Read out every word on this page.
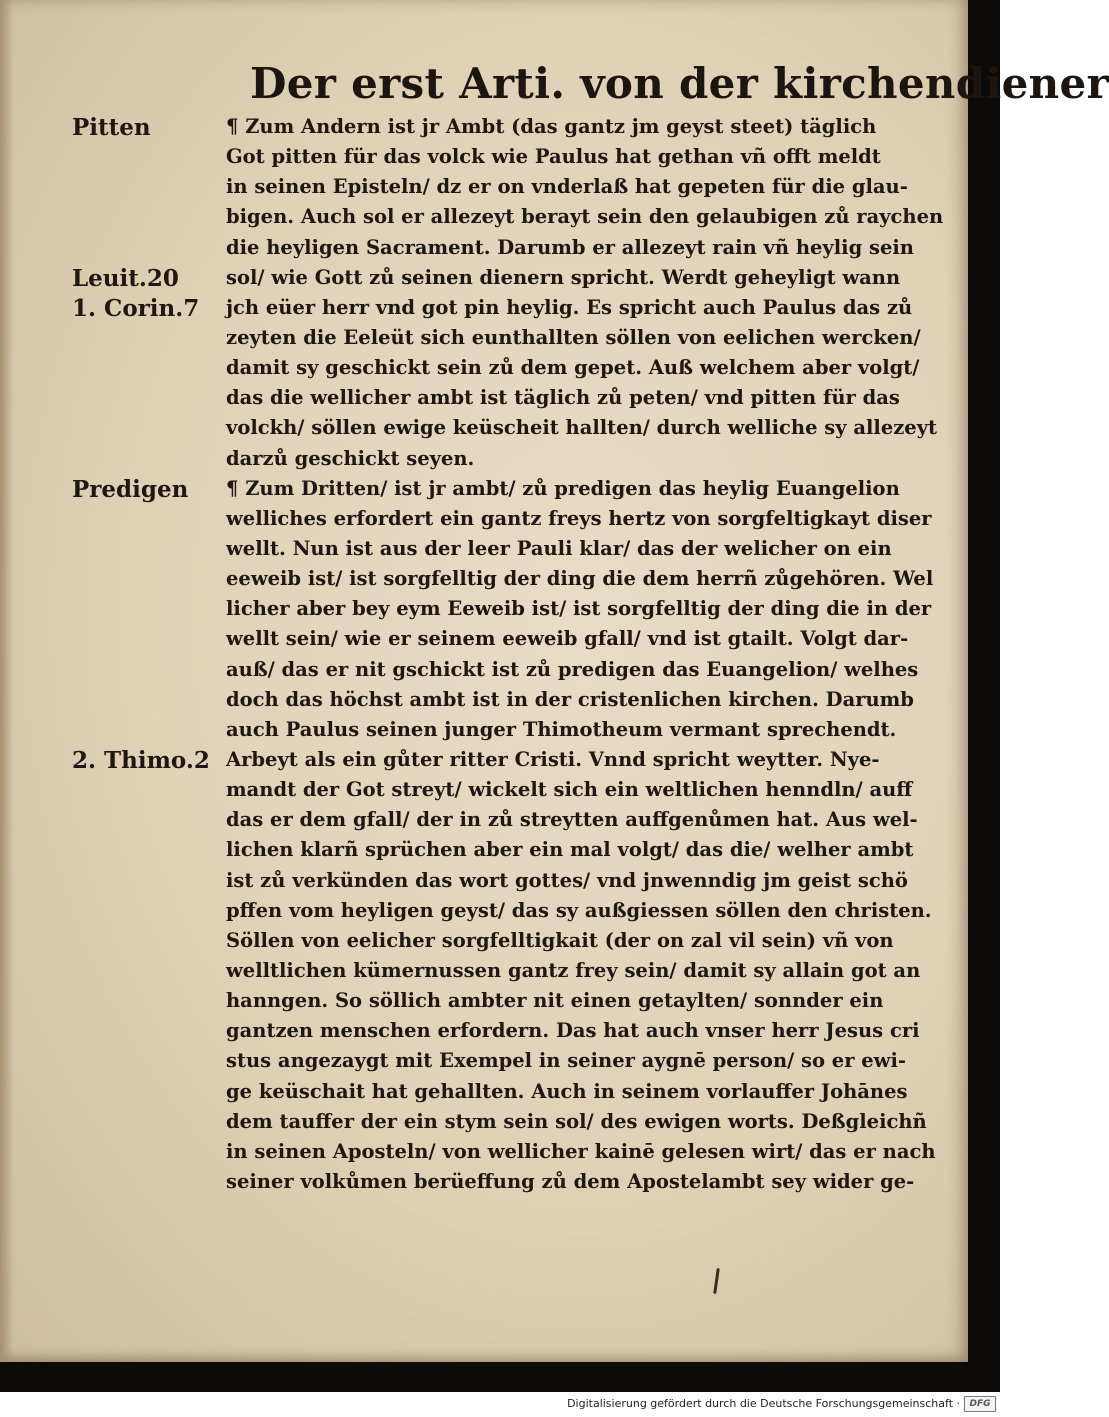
Der erst Arti. von der kirchendiener
Pitten
Leuit.20
1. Corin.7
Predigen
2. Thimo.2
¶ Zum Andern ist jr Ambt (das gantz jm geyst steet) täglich
Got pitten für das volck wie Paulus hat gethan vñ offt meldt
in seinen Episteln/ dz er on vnderlaß hat gepeten für die glau-
bigen. Auch sol er allezeyt berayt sein den gelaubigen zů raychen
die heyligen Sacrament. Darumb er allezeyt rain vñ heylig sein
sol/ wie Gott zů seinen dienern spricht. Werdt geheyligt wann
jch eüer herr vnd got pin heylig. Es spricht auch Paulus das zů
zeyten die Eeleüt sich eunthallten söllen von eelichen wercken/
damit sy geschickt sein zů dem gepet. Auß welchem aber volgt/
das die wellicher ambt ist täglich zů peten/ vnd pitten für das
volckh/ söllen ewige keüscheit hallten/ durch welliche sy allezeyt
darzů geschickt seyen.
¶ Zum Dritten/ ist jr ambt/ zů predigen das heylig Euangelion
welliches erfordert ein gantz freys hertz von sorgfeltigkayt diser
wellt. Nun ist aus der leer Pauli klar/ das der welicher on ein
eeweib ist/ ist sorgfelltig der ding die dem herrñ zůgehören. Wel
licher aber bey eym Eeweib ist/ ist sorgfelltig der ding die in der
wellt sein/ wie er seinem eeweib gfall/ vnd ist gtailt. Volgt dar-
auß/ das er nit gschickt ist zů predigen das Euangelion/ welhes
doch das höchst ambt ist in der cristenlichen kirchen. Darumb
auch Paulus seinen junger Thimotheum vermant sprechendt.
Arbeyt als ein gůter ritter Cristi. Vnnd spricht weytter. Nye-
mandt der Got streyt/ wickelt sich ein weltlichen henndln/ auff
das er dem gfall/ der in zů streytten auffgenůmen hat. Aus wel-
lichen klarñ sprüchen aber ein mal volgt/ das die/ welher ambt
ist zů verkünden das wort gottes/ vnd jnwenndig jm geist schö
pffen vom heyligen geyst/ das sy außgiessen söllen den christen.
Söllen von eelicher sorgfelltigkait (der on zal vil sein) vñ von
welltlichen kümernussen gantz frey sein/ damit sy allain got an
hanngen. So söllich ambter nit einen getaylten/ sonnder ein
gantzen menschen erfordern. Das hat auch vnser herr Jesus cri
stus angezaygt mit Exempel in seiner aygnē person/ so er ewi-
ge keüschait hat gehallten. Auch in seinem vorlauffer Johānes
dem tauffer der ein stym sein sol/ des ewigen worts. Deßgleichñ
in seinen Aposteln/ von wellicher kainē gelesen wirt/ das er nach
seiner volkůmen berüeffung zů dem Apostelambt sey wider ge-
Digitalisierung gefördert durch die Deutsche Forschungsgemeinschaft ·	DFG
